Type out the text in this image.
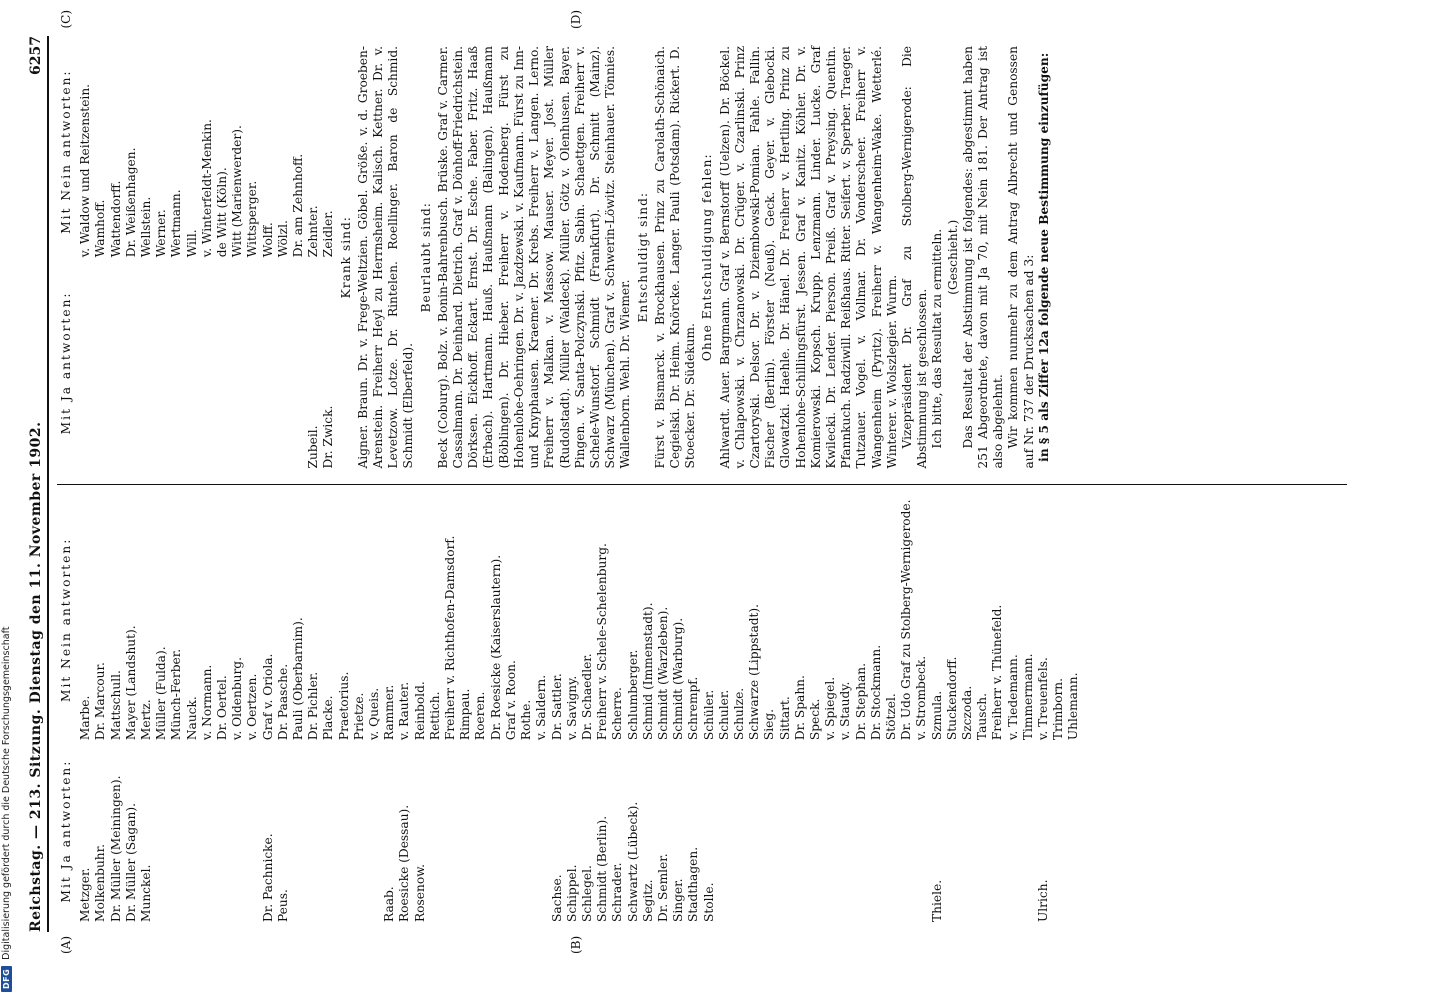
Reichstag. — 213. Sitzung. Dienstag den 11. November 1902.
6257
(A)	(B)
Mit Ja antworten: Metzger. Molkenbuhr. Dr. Müller (Meiningen). Dr. Müller (Sagan). Munckel.

	Dr. Pachnicke. Peus.

	Raab. Roesicke (Dessau). Rosenow.

	Sachse. Schippel. Schlegel. Schmidt (Berlin). Schrader. Schwartz (Lübeck). Segitz. Dr. Semler. Singer. Stadthagen. Stolle.

	Thiele.

	Ulrich.
Mit Nein antworten:
Marbe. Dr. Marcour. Mattschull. Mayer (Landshut). Mertz. Müller (Fulda). Münch-Ferber. Nauck. v. Normann. Dr. Oertel. v. Oldenburg. v. Oertzen. Graf v. Oriola. Dr. Paasche. Pauli (Oberbarnim). Dr. Pichler. Placke. Praetorius. Prietze. v. Queis. Rammer. v. Rauter. Reinbold. Rettich. Freiherr v. Richthofen-Damsdorf. Rimpau. Roeren. Dr. Roesicke (Kaiserslautern). Graf v. Roon. Rothe. v. Saldern. Dr. Sattler. v. Savigny. Dr. Schaedler. Freiherr v. Schele-Schelenburg. Scherre. Schlumberger. Schmid (Immenstadt). Schmidt (Warzleben). Schmidt (Warburg). Schrempf. Schüler. Schuler. Schulze. Schwarze (Lippstadt). Sieg. Sittart. Dr. Spahn. Speck. v. Spiegel. v. Staudy. Dr. Stephan. Dr. Stockmann. Stötzel. Dr. Udo Graf zu Stolberg-Wernigerode. v. Strombeck. Szmula. Stuckendorff. Szczoda. Tausch. Freiherr v. Thünefeld. v. Tiedemann. Timmermann. v. Treuenfels. Trimborn. Uhlemann.
(C)	(D)
Mit Ja antworten:

Zubeil. Dr. Zwick.
Mit Nein antworten: v. Waldow und Reitzenstein. Wamhoff. Wattendorff. Dr. Weißenhagen. Wellstein. Werner. Wertmann. Will. v. Winterfeldt-Menkin. de Witt (Köln). Witt (Marienwerder). Wittsperger. Wolff. Wölzl. Dr. am Zehnhoff. Zehnter. Zeidler. Krank sind: Aigner. Braun. Dr. v. Frege-Weltzien. Göbel. Größe. v. d. Groeben-Arenstein. Freiherr Heyl zu Herrnsheim. Kalisch. Kettner. Dr. v. Levetzow. Lotze. Dr. Rintelen. Roellinger. Baron de Schmid. Schmidt (Elberfeld).
Beurlaubt sind: Beck (Coburg). Bolz. v. Bonin-Bahrenbusch. Brüske. Graf v. Carmer. Cassalmann. Dr. Deinhard. Dietrich. Graf v. Dönhoff-Friedrichstein. Dörksen. Eickhoff. Eckart. Ernst. Dr. Esche. Faber. Fritz. Haaß (Erbach). Hartmann. Hauß. Haußmann (Balingen). Haußmann (Böblingen). Dr. Hieber. Freiherr v. Hodenberg. Fürst zu Hohenlohe-Oehringen. Dr. v. Jazdzewski. v. Kaufmann. Fürst zu Inn- und Knyphausen. Kraemer. Dr. Krebs. Freiherr v. Langen. Lerno. Freiherr v. Malkan. v. Massow. Mauser. Meyer. Jost. Müller (Rudolstadt). Müller (Waldeck). Müller. Götz v. Olenhusen. Bayer. Pingen. v. Santa-Polczynski. Pfitz. Sabin. Schaettgen. Freiherr v. Schele-Wunstorf. Schmidt (Frankfurt). Dr. Schmitt (Mainz). Schwarz (München). Graf v. Schwerin-Löwitz. Steinhauer. Tönnies. Wallenborn. Wehl. Dr. Wiemer.
Entschuldigt sind: Fürst v. Bismarck. v. Brockhausen. Prinz zu Carolath-Schönaich. Cegielski. Dr. Heim. Knörcke. Langer. Pauli (Potsdam). Rickert. D. Stoecker. Dr. Südekum.
Ohne Entschuldigung fehlen: Ahlwardt. Auer. Bargmann. Graf v. Bernstorff (Uelzen). Dr. Böckel. v. Chlapowski. v. Chrzanowski. Dr. Crüger. v. Czarlinski. Prinz Czartoryski. Delsor. Dr. v. Dziembowski-Pomian. Fahle. Fallin. Fischer (Berlin). Förster (Neuß). Geck. Geyer. v. Glebocki. Glowatzki. Haehle. Dr. Hänel. Dr. Freiherr v. Hertling. Prinz zu Hohenlohe-Schillingsfürst. Jessen. Graf v. Kanitz. Köhler. Dr. v. Komierowski. Kopsch. Krupp. Lenzmann. Linder. Lucke. Graf Kwilecki. Dr. Lender. Pierson. Preiß. Graf v. Preysing. Quentin. Pfannkuch. Radziwill. Reißhaus. Ritter. Seifert. v. Sperber. Traeger. Tutzauer. Vogel. v. Vollmar. Dr. Vonderscheer. Freiherr v. Wangenheim (Pyritz). Freiherr v. Wangenheim-Wake. Wetterlé. Winterer. v. Wolszlegier. Wurm. Vizepräsident Dr. Graf zu Stolberg-Wernigerode: Die Abstimmung ist geschlossen. Ich bitte, das Resultat zu ermitteln. (Geschieht.) Das Resultat der Abstimmung ist folgendes: abgestimmt haben 251 Abgeordnete, davon mit Ja 70, mit Nein 181. Der Antrag ist also abgelehnt. Wir kommen nunmehr zu dem Antrag Albrecht und Genossen auf Nr. 737 der Drucksachen ad 3: in § 5 als Ziffer 12a folgende neue Bestimmung einzufügen:
DFG
Digitalisierung gefördert durch die Deutsche Forschungsgemeinschaft
